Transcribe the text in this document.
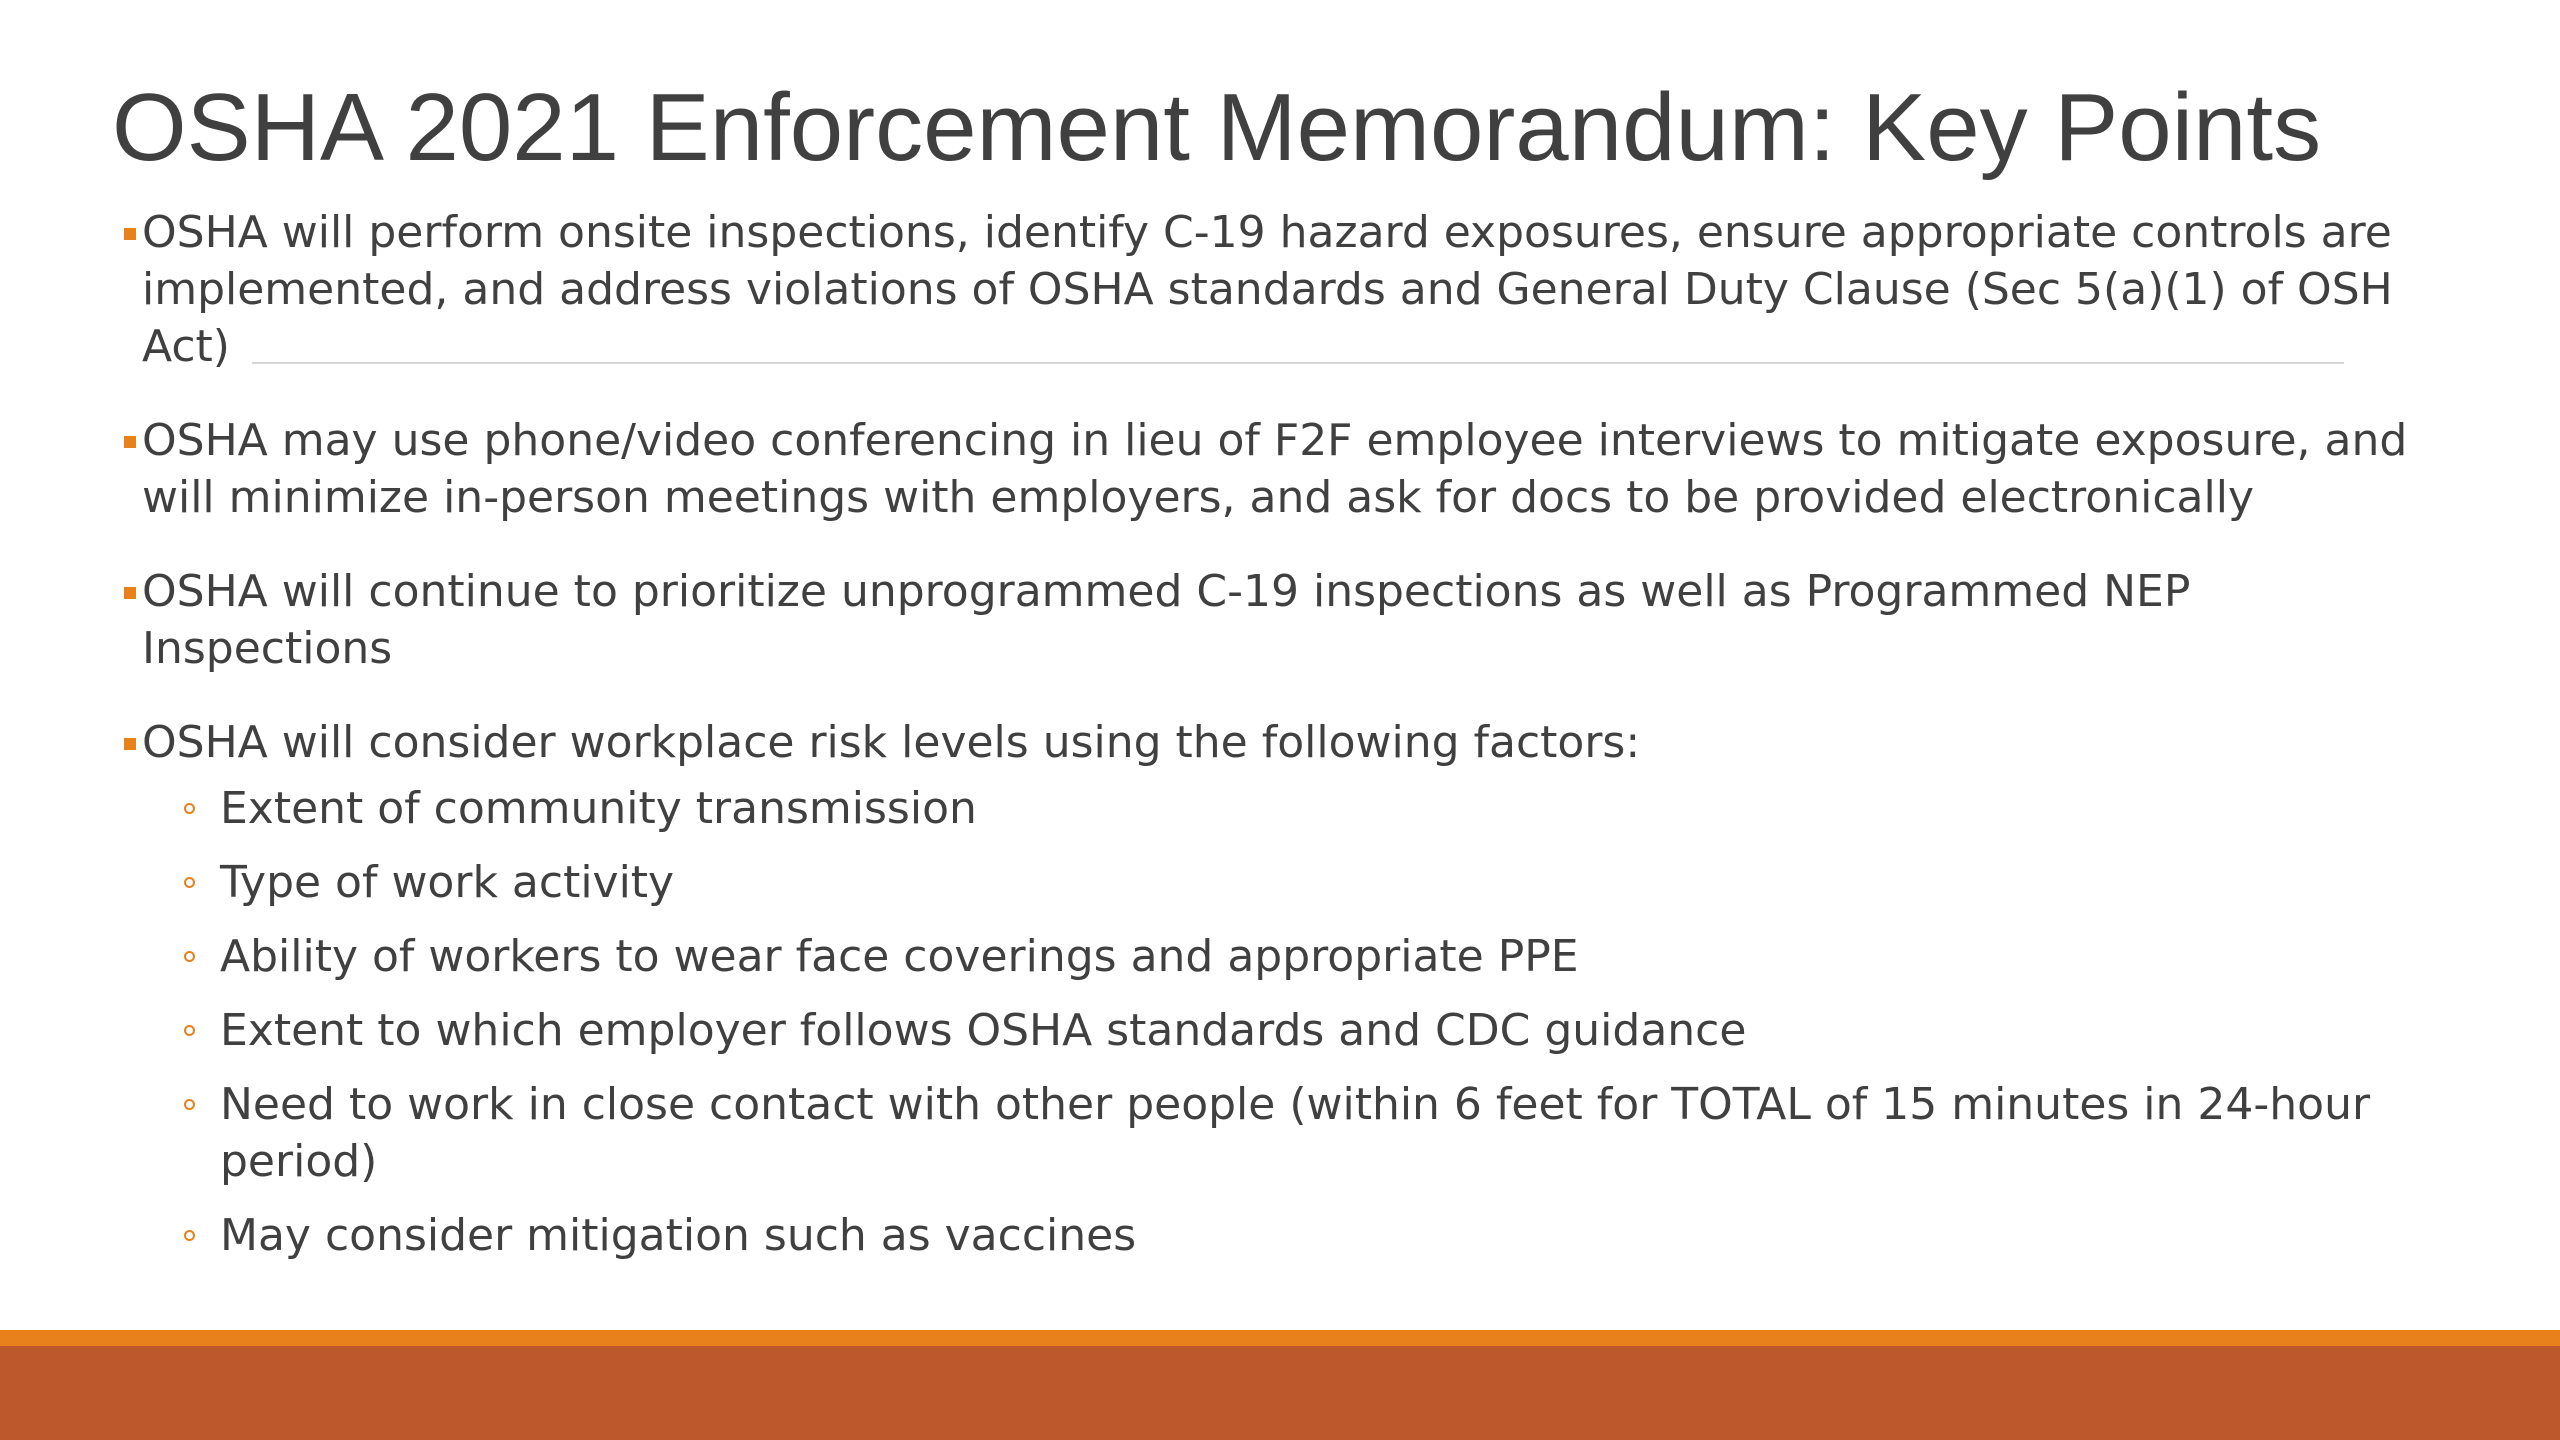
OSHA 2021 Enforcement Memorandum: Key Points
OSHA will perform onsite inspections, identify C-19 hazard exposures, ensure appropriate controls are implemented, and address violations of OSHA standards and General Duty Clause (Sec 5(a)(1) of OSH Act)
OSHA may use phone/video conferencing in lieu of F2F employee interviews to mitigate exposure, and will minimize in-person meetings with employers, and ask for docs to be provided electronically
OSHA will continue to prioritize unprogrammed C-19 inspections as well as Programmed NEP Inspections
OSHA will consider workplace risk levels using the following factors:
Extent of community transmission
Type of work activity
Ability of workers to wear face coverings and appropriate PPE
Extent to which employer follows OSHA standards and CDC guidance
Need to work in close contact with other people (within 6 feet for TOTAL of 15 minutes in 24-hour period)
May consider mitigation such as vaccines
